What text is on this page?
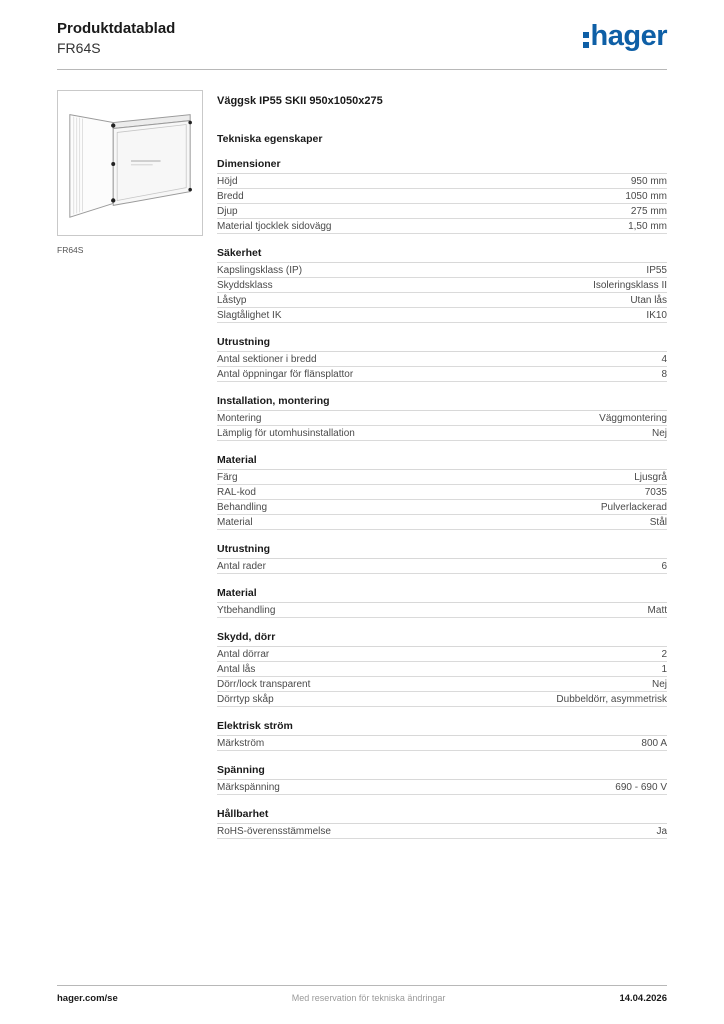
Produktdatablad
FR64S	hager
FR64S
Väggsk IP55 SKII 950x1050x275
Tekniska egenskaper
Dimensioner
Höjd	950 mm
Bredd	1050 mm
Djup	275 mm
Material tjocklek sidovägg	1,50 mm
Säkerhet
Kapslingsklass (IP)	IP55
Skyddsklass	Isoleringsklass II
Låstyp	Utan lås
Slagtålighet IK	IK10
Utrustning
Antal sektioner i bredd	4
Antal öppningar för flänsplattor	8
Installation, montering
Montering	Väggmontering
Lämplig för utomhusinstallation	Nej
Material
Färg	Ljusgrå
RAL-kod	7035
Behandling	Pulverlackerad
Material	Stål
Utrustning
Antal rader	6
Material
Ytbehandling	Matt
Skydd, dörr
Antal dörrar	2
Antal lås	1
Dörr/lock transparent	Nej
Dörrtyp skåp	Dubbeldörr, asymmetrisk
Elektrisk ström
Märkström	800 A
Spänning
Märkspänning	690 - 690 V
Hållbarhet
RoHS-överensstämmelse	Ja
hager.com/se	Med reservation för tekniska ändringar	14.04.2026
